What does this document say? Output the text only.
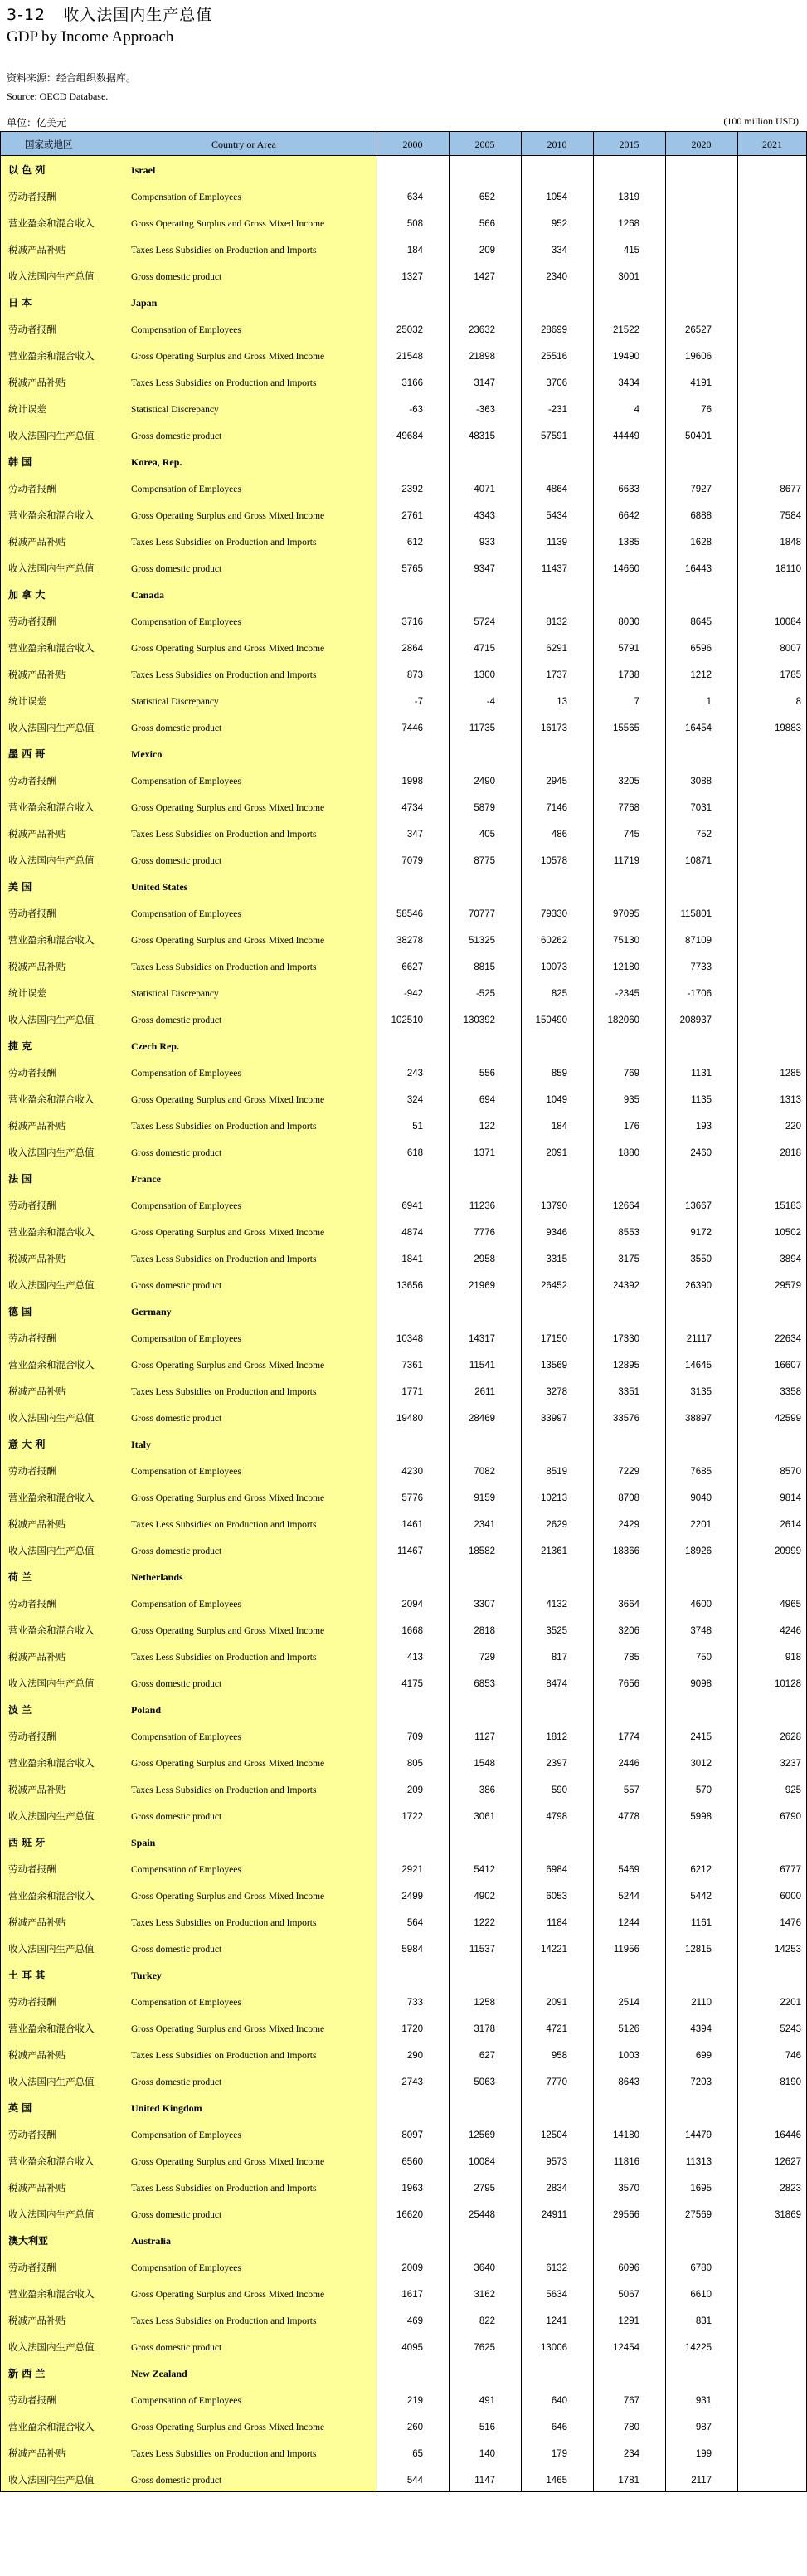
3-12 收入法国内生产总值
GDP by Income Approach
资料来源：经合组织数据库。
Source: OECD Database.
单位：亿美元	(100 million USD)
国家或地区	Country or Area	2000	2005	2010	2015	2020	2021
以 色 列	Israel
劳动者报酬	Compensation of Employees	634	652	1054	1319
营业盈余和混合收入	Gross Operating Surplus and Gross Mixed Income	508	566	952	1268
税减产品补贴	Taxes Less Subsidies on Production and Imports	184	209	334	415
收入法国内生产总值	Gross domestic product	1327	1427	2340	3001
日 本	Japan
劳动者报酬	Compensation of Employees	25032	23632	28699	21522	26527
营业盈余和混合收入	Gross Operating Surplus and Gross Mixed Income	21548	21898	25516	19490	19606
税减产品补贴	Taxes Less Subsidies on Production and Imports	3166	3147	3706	3434	4191
统计误差	Statistical Discrepancy	-63	-363	-231	4	76
收入法国内生产总值	Gross domestic product	49684	48315	57591	44449	50401
韩 国	Korea, Rep.
劳动者报酬	Compensation of Employees	2392	4071	4864	6633	7927	8677
营业盈余和混合收入	Gross Operating Surplus and Gross Mixed Income	2761	4343	5434	6642	6888	7584
税减产品补贴	Taxes Less Subsidies on Production and Imports	612	933	1139	1385	1628	1848
收入法国内生产总值	Gross domestic product	5765	9347	11437	14660	16443	18110
加 拿 大	Canada
劳动者报酬	Compensation of Employees	3716	5724	8132	8030	8645	10084
营业盈余和混合收入	Gross Operating Surplus and Gross Mixed Income	2864	4715	6291	5791	6596	8007
税减产品补贴	Taxes Less Subsidies on Production and Imports	873	1300	1737	1738	1212	1785
统计误差	Statistical Discrepancy	-7	-4	13	7	1	8
收入法国内生产总值	Gross domestic product	7446	11735	16173	15565	16454	19883
墨 西 哥	Mexico
劳动者报酬	Compensation of Employees	1998	2490	2945	3205	3088
营业盈余和混合收入	Gross Operating Surplus and Gross Mixed Income	4734	5879	7146	7768	7031
税减产品补贴	Taxes Less Subsidies on Production and Imports	347	405	486	745	752
收入法国内生产总值	Gross domestic product	7079	8775	10578	11719	10871
美 国	United States
劳动者报酬	Compensation of Employees	58546	70777	79330	97095	115801
营业盈余和混合收入	Gross Operating Surplus and Gross Mixed Income	38278	51325	60262	75130	87109
税减产品补贴	Taxes Less Subsidies on Production and Imports	6627	8815	10073	12180	7733
统计误差	Statistical Discrepancy	-942	-525	825	-2345	-1706
收入法国内生产总值	Gross domestic product	102510	130392	150490	182060	208937
捷 克	Czech Rep.
劳动者报酬	Compensation of Employees	243	556	859	769	1131	1285
营业盈余和混合收入	Gross Operating Surplus and Gross Mixed Income	324	694	1049	935	1135	1313
税减产品补贴	Taxes Less Subsidies on Production and Imports	51	122	184	176	193	220
收入法国内生产总值	Gross domestic product	618	1371	2091	1880	2460	2818
法 国	France
劳动者报酬	Compensation of Employees	6941	11236	13790	12664	13667	15183
营业盈余和混合收入	Gross Operating Surplus and Gross Mixed Income	4874	7776	9346	8553	9172	10502
税减产品补贴	Taxes Less Subsidies on Production and Imports	1841	2958	3315	3175	3550	3894
收入法国内生产总值	Gross domestic product	13656	21969	26452	24392	26390	29579
德 国	Germany
劳动者报酬	Compensation of Employees	10348	14317	17150	17330	21117	22634
营业盈余和混合收入	Gross Operating Surplus and Gross Mixed Income	7361	11541	13569	12895	14645	16607
税减产品补贴	Taxes Less Subsidies on Production and Imports	1771	2611	3278	3351	3135	3358
收入法国内生产总值	Gross domestic product	19480	28469	33997	33576	38897	42599
意 大 利	Italy
劳动者报酬	Compensation of Employees	4230	7082	8519	7229	7685	8570
营业盈余和混合收入	Gross Operating Surplus and Gross Mixed Income	5776	9159	10213	8708	9040	9814
税减产品补贴	Taxes Less Subsidies on Production and Imports	1461	2341	2629	2429	2201	2614
收入法国内生产总值	Gross domestic product	11467	18582	21361	18366	18926	20999
荷 兰	Netherlands
劳动者报酬	Compensation of Employees	2094	3307	4132	3664	4600	4965
营业盈余和混合收入	Gross Operating Surplus and Gross Mixed Income	1668	2818	3525	3206	3748	4246
税减产品补贴	Taxes Less Subsidies on Production and Imports	413	729	817	785	750	918
收入法国内生产总值	Gross domestic product	4175	6853	8474	7656	9098	10128
波 兰	Poland
劳动者报酬	Compensation of Employees	709	1127	1812	1774	2415	2628
营业盈余和混合收入	Gross Operating Surplus and Gross Mixed Income	805	1548	2397	2446	3012	3237
税减产品补贴	Taxes Less Subsidies on Production and Imports	209	386	590	557	570	925
收入法国内生产总值	Gross domestic product	1722	3061	4798	4778	5998	6790
西 班 牙	Spain
劳动者报酬	Compensation of Employees	2921	5412	6984	5469	6212	6777
营业盈余和混合收入	Gross Operating Surplus and Gross Mixed Income	2499	4902	6053	5244	5442	6000
税减产品补贴	Taxes Less Subsidies on Production and Imports	564	1222	1184	1244	1161	1476
收入法国内生产总值	Gross domestic product	5984	11537	14221	11956	12815	14253
土 耳 其	Turkey
劳动者报酬	Compensation of Employees	733	1258	2091	2514	2110	2201
营业盈余和混合收入	Gross Operating Surplus and Gross Mixed Income	1720	3178	4721	5126	4394	5243
税减产品补贴	Taxes Less Subsidies on Production and Imports	290	627	958	1003	699	746
收入法国内生产总值	Gross domestic product	2743	5063	7770	8643	7203	8190
英 国	United Kingdom
劳动者报酬	Compensation of Employees	8097	12569	12504	14180	14479	16446
营业盈余和混合收入	Gross Operating Surplus and Gross Mixed Income	6560	10084	9573	11816	11313	12627
税减产品补贴	Taxes Less Subsidies on Production and Imports	1963	2795	2834	3570	1695	2823
收入法国内生产总值	Gross domestic product	16620	25448	24911	29566	27569	31869
澳大利亚	Australia
劳动者报酬	Compensation of Employees	2009	3640	6132	6096	6780
营业盈余和混合收入	Gross Operating Surplus and Gross Mixed Income	1617	3162	5634	5067	6610
税减产品补贴	Taxes Less Subsidies on Production and Imports	469	822	1241	1291	831
收入法国内生产总值	Gross domestic product	4095	7625	13006	12454	14225
新 西 兰	New Zealand
劳动者报酬	Compensation of Employees	219	491	640	767	931
营业盈余和混合收入	Gross Operating Surplus and Gross Mixed Income	260	516	646	780	987
税减产品补贴	Taxes Less Subsidies on Production and Imports	65	140	179	234	199
收入法国内生产总值	Gross domestic product	544	1147	1465	1781	2117
